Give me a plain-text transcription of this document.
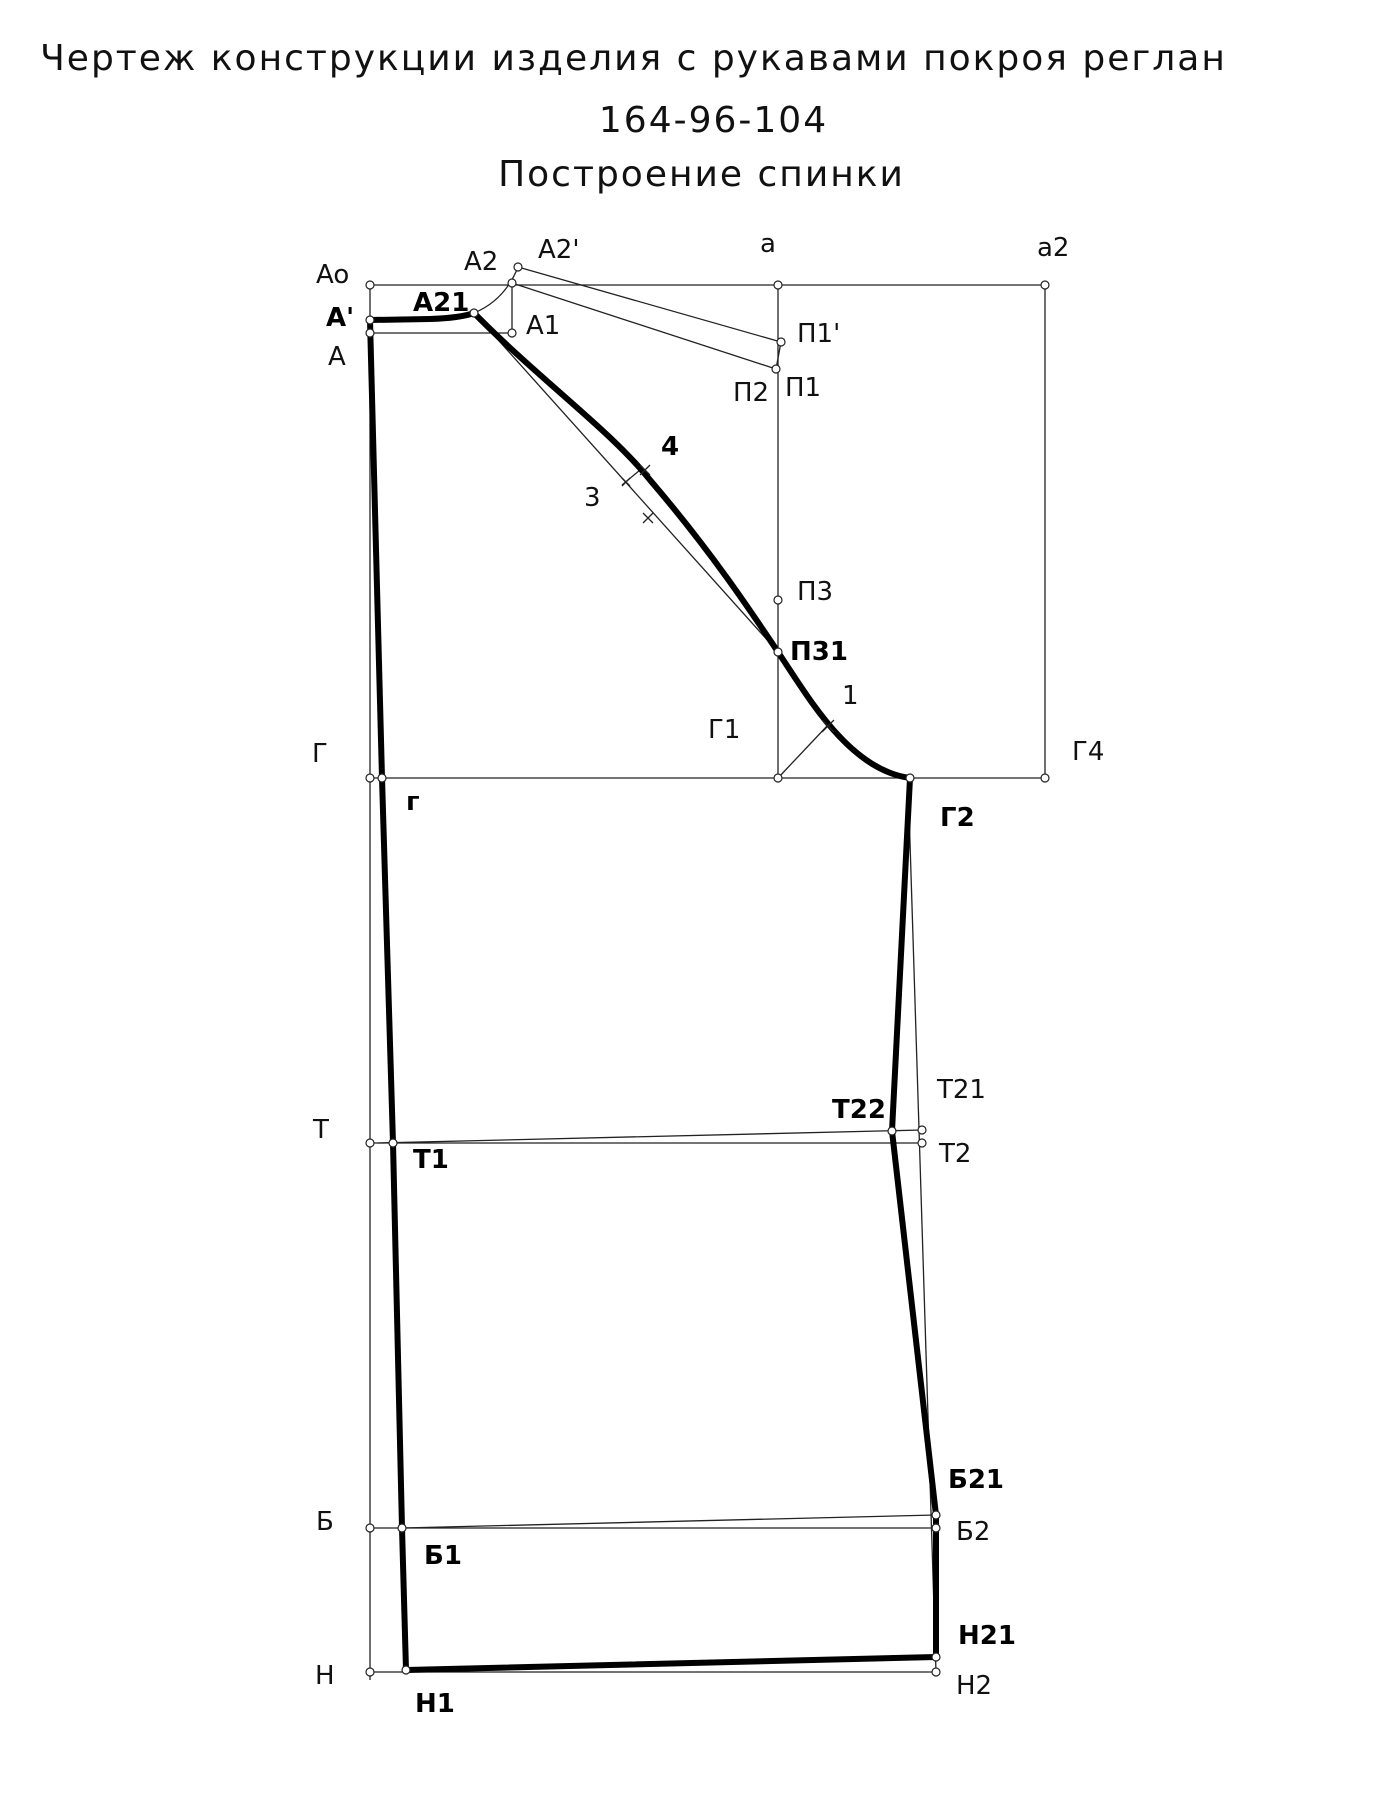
Чертеж конструкции изделия с рукавами покроя реглан
164-96-104
Построение спинки
Ao
A'
A
A21
A2 A2'
A1
a	a2
П1'
П1
П2
4
3
П3
П31
1
Г1
Г4
Г
г
Г2
Т21
Т22
Т
Т1	Т2
Б21
Б
Б1
Б2
Н21
Н
Н1
Н2
